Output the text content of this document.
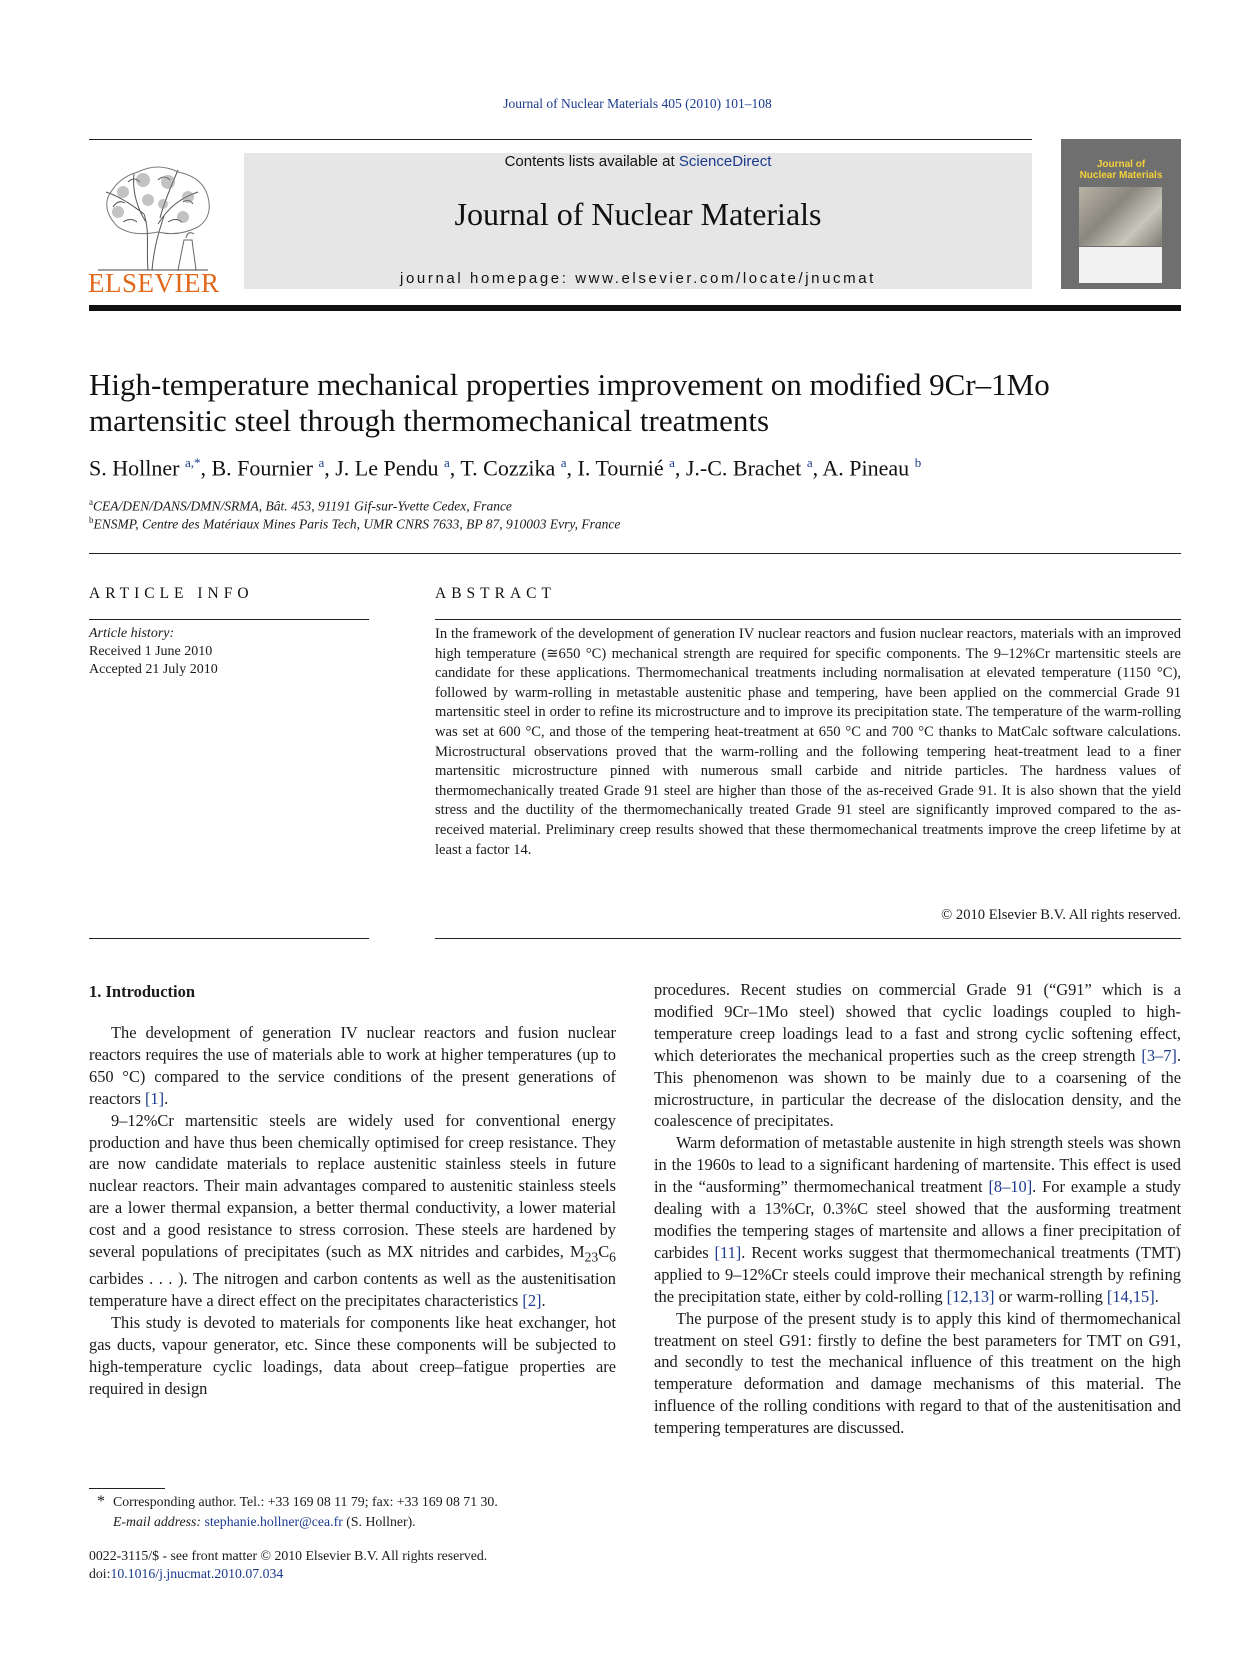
Journal of Nuclear Materials 405 (2010) 101–108
ELSEVIER
Contents lists available at ScienceDirect
Journal of Nuclear Materials
journal homepage: www.elsevier.com/locate/jnucmat
Journal of
Nuclear Materials
High-temperature mechanical properties improvement on modified 9Cr–1Mo martensitic steel through thermomechanical treatments
S. Hollner $^{a,*}$, B. Fournier $^a$, J. Le Pendu $^a$, T. Cozzika $^a$, I. Tournié $^a$, J.-C. Brachet $^a$, A. Pineau $^b$
$^a$CEA/DEN/DANS/DMN/SRMA, Bât. 453, 91191 Gif-sur-Yvette Cedex, France
$^b$ENSMP, Centre des Matériaux Mines Paris Tech, UMR CNRS 7633, BP 87, 910003 Evry, France
ARTICLE INFO	ABSTRACT
Article history:
Received 1 June 2010
Accepted 21 July 2010
In the framework of the development of generation IV nuclear reactors and fusion nuclear reactors, materials with an improved high temperature (≅650 °C) mechanical strength are required for specific components. The 9–12%Cr martensitic steels are candidate for these applications. Thermomechanical treatments including normalisation at elevated temperature (1150 °C), followed by warm-rolling in metastable austenitic phase and tempering, have been applied on the commercial Grade 91 martensitic steel in order to refine its microstructure and to improve its precipitation state. The temperature of the warm-rolling was set at 600 °C, and those of the tempering heat-treatment at 650 °C and 700 °C thanks to MatCalc software calculations. Microstructural observations proved that the warm-rolling and the following tempering heat-treatment lead to a finer martensitic microstructure pinned with numerous small carbide and nitride particles. The hardness values of thermomechanically treated Grade 91 steel are higher than those of the as-received Grade 91. It is also shown that the yield stress and the ductility of the thermomechanically treated Grade 91 steel are significantly improved compared to the as-received material. Preliminary creep results showed that these thermomechanical treatments improve the creep lifetime by at least a factor 14.
© 2010 Elsevier B.V. All rights reserved.
1. Introduction

The development of generation IV nuclear reactors and fusion nuclear reactors requires the use of materials able to work at higher temperatures (up to 650 °C) compared to the service conditions of the present generations of reactors [1].

9–12%Cr martensitic steels are widely used for conventional energy production and have thus been chemically optimised for creep resistance. They are now candidate materials to replace austenitic stainless steels in future nuclear reactors. Their main advantages compared to austenitic stainless steels are a lower thermal expansion, a better thermal conductivity, a lower material cost and a good resistance to stress corrosion. These steels are hardened by several populations of precipitates (such as MX nitrides and carbides, $M_{23}C_6$ carbides . . . ). The nitrogen and carbon contents as well as the austenitisation temperature have a direct effect on the precipitates characteristics [2].

This study is devoted to materials for components like heat exchanger, hot gas ducts, vapour generator, etc. Since these components will be subjected to high-temperature cyclic loadings, data about creep–fatigue properties are required in design

procedures. Recent studies on commercial Grade 91 (“G91” which is a modified 9Cr–1Mo steel) showed that cyclic loadings coupled to high-temperature creep loadings lead to a fast and strong cyclic softening effect, which deteriorates the mechanical properties such as the creep strength [3–7]. This phenomenon was shown to be mainly due to a coarsening of the microstructure, in particular the decrease of the dislocation density, and the coalescence of precipitates.

Warm deformation of metastable austenite in high strength steels was shown in the 1960s to lead to a significant hardening of martensite. This effect is used in the “ausforming” thermomechanical treatment [8–10]. For example a study dealing with a 13%Cr, 0.3%C steel showed that the ausforming treatment modifies the tempering stages of martensite and allows a finer precipitation of carbides [11]. Recent works suggest that thermomechanical treatments (TMT) applied to 9–12%Cr steels could improve their mechanical strength by refining the precipitation state, either by cold-rolling [12,13] or warm-rolling [14,15].

The purpose of the present study is to apply this kind of thermomechanical treatment on steel G91: firstly to define the best parameters for TMT on G91, and secondly to test the mechanical influence of this treatment on the high temperature deformation and damage mechanisms of this material. The influence of the rolling conditions with regard to that of the austenitisation and tempering temperatures are discussed.

* Corresponding author. Tel.: +33 169 08 11 79; fax: +33 169 08 71 30.
E-mail address: stephanie.hollner@cea.fr (S. Hollner).
0022-3115/$ - see front matter © 2010 Elsevier B.V. All rights reserved.
doi:10.1016/j.jnucmat.2010.07.034
